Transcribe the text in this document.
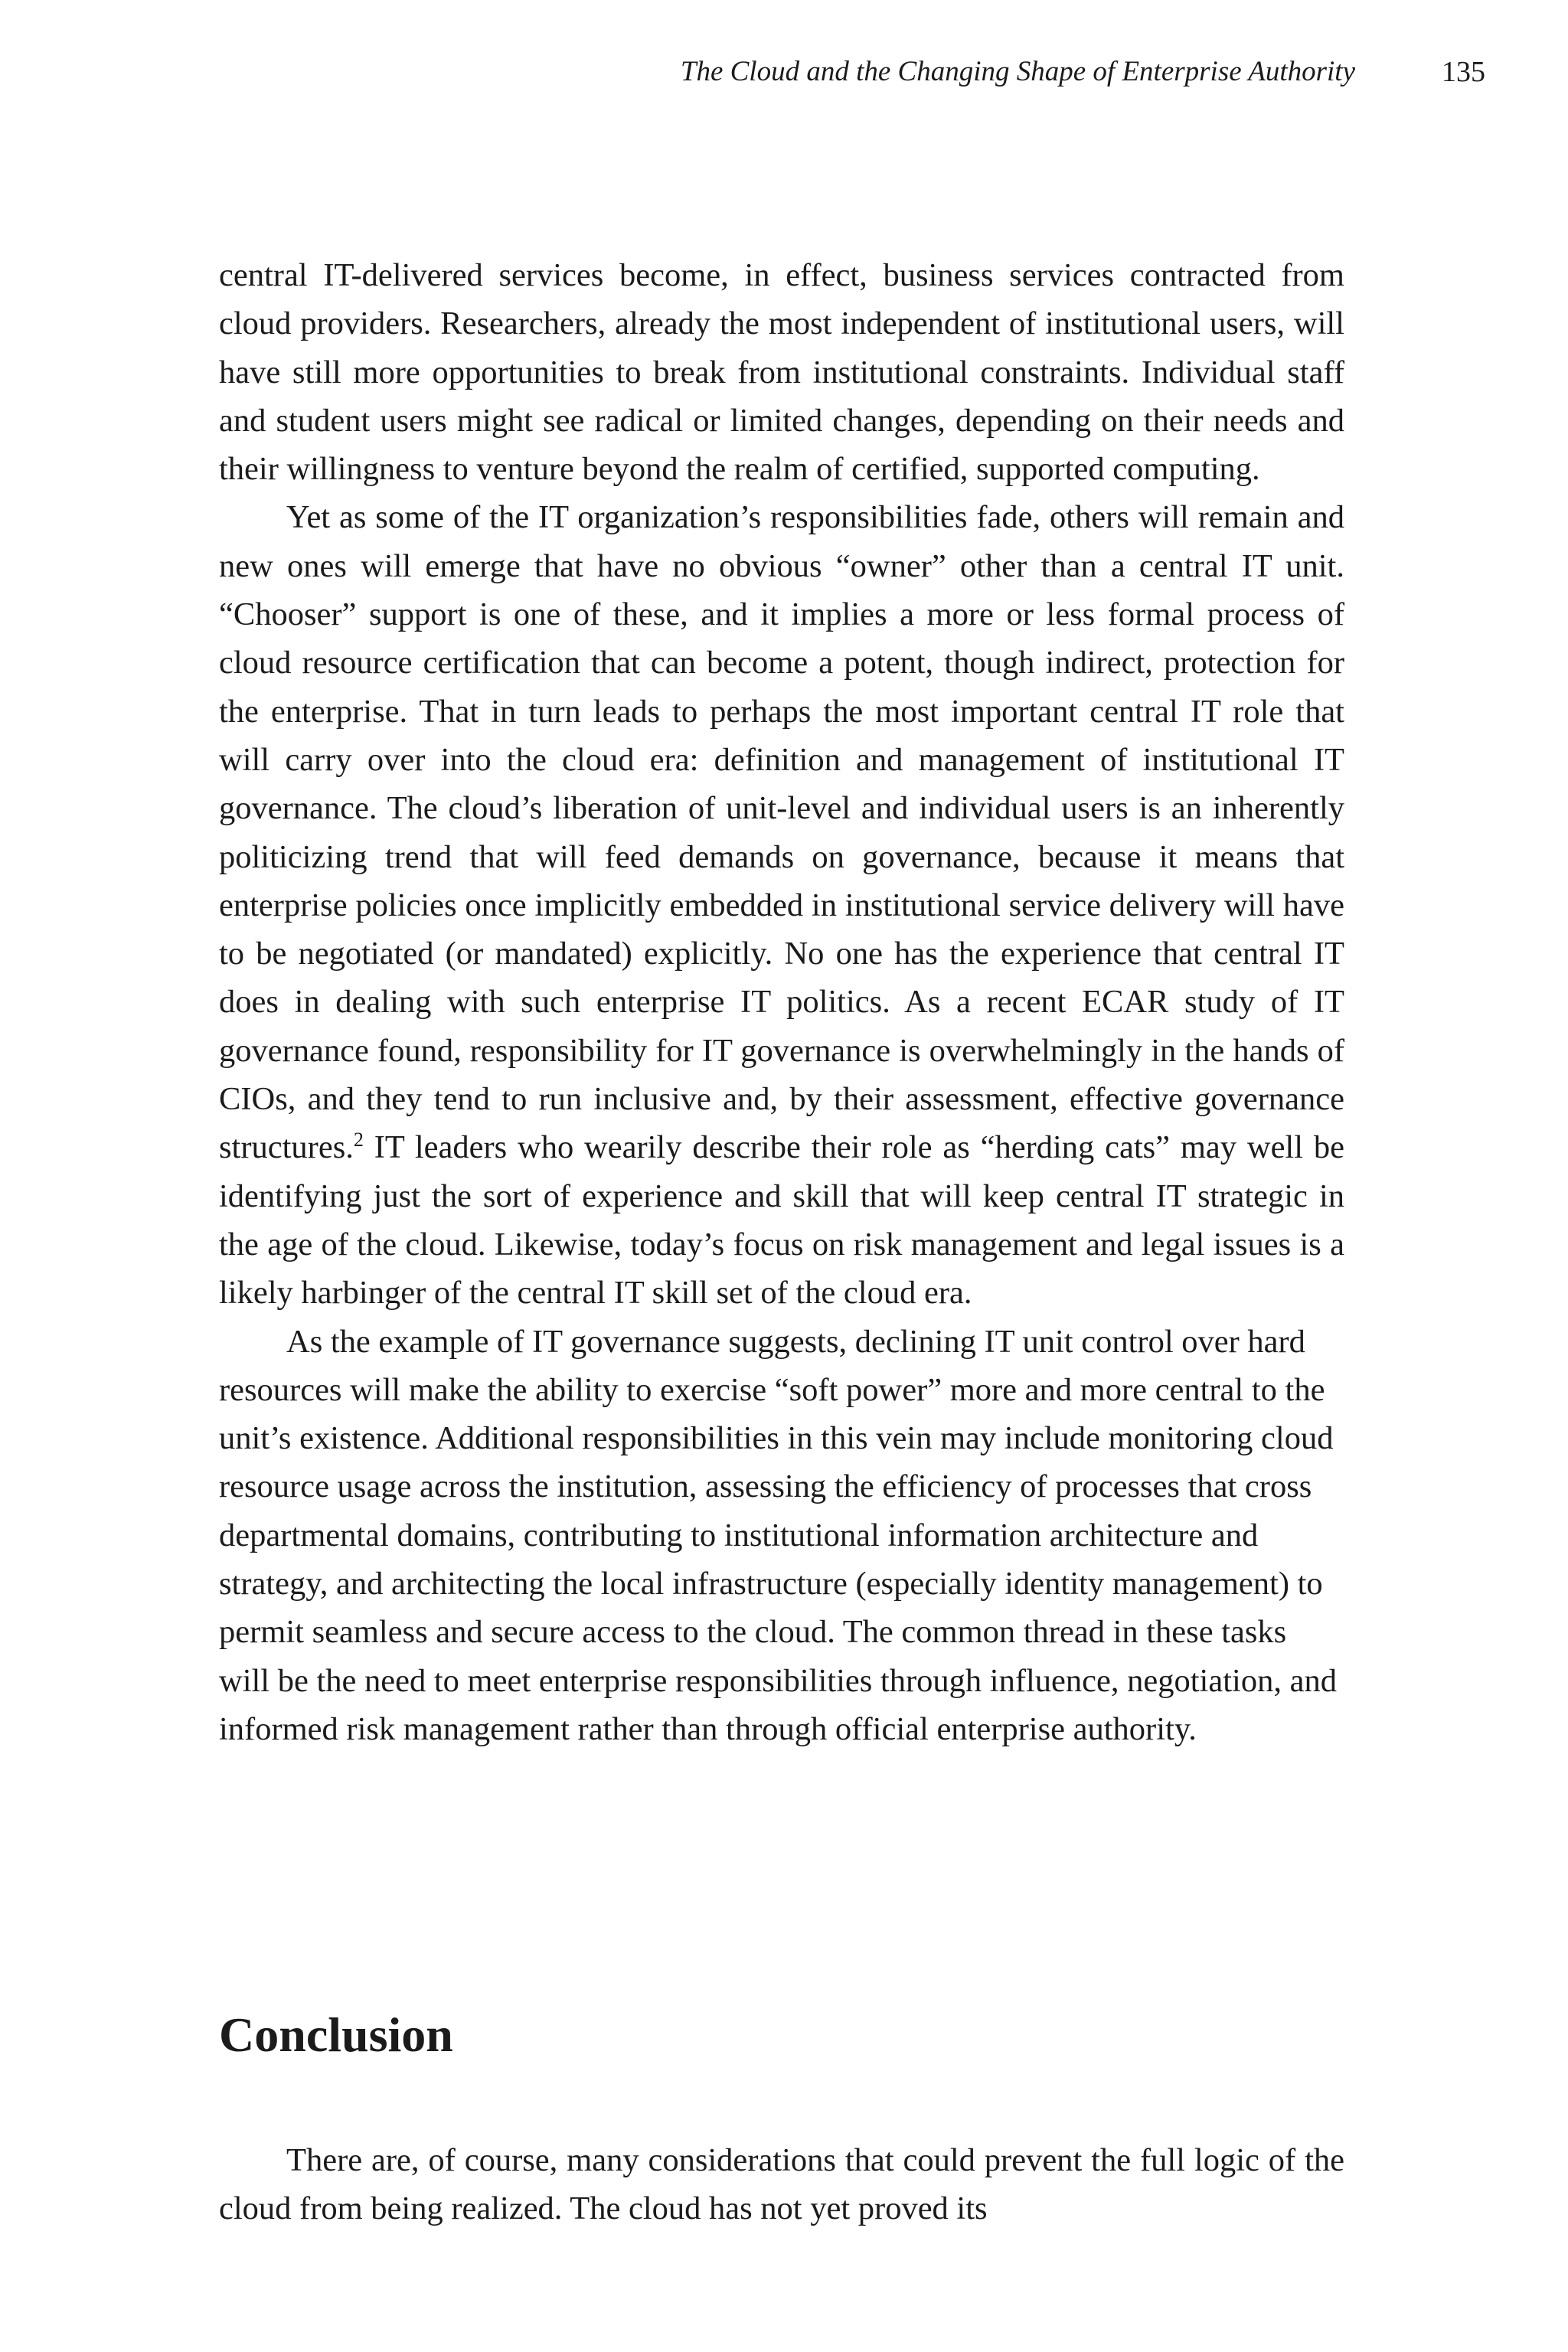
The Cloud and the Changing Shape of Enterprise Authority	135

central IT-delivered services become, in effect, business services contracted from cloud providers. Researchers, already the most independent of institutional users, will have still more opportunities to break from institutional constraints. Individual staff and student users might see radical or limited changes, depending on their needs and their willingness to venture beyond the realm of certified, supported computing.

Yet as some of the IT organization’s responsibilities fade, others will remain and new ones will emerge that have no obvious “owner” other than a central IT unit. “Chooser” support is one of these, and it implies a more or less formal process of cloud resource certification that can become a potent, though indirect, protection for the enterprise. That in turn leads to perhaps the most important central IT role that will carry over into the cloud era: definition and management of institutional IT governance. The cloud’s liberation of unit-level and individual users is an inherently politicizing trend that will feed demands on governance, because it means that enterprise policies once implicitly embedded in institutional service delivery will have to be negotiated (or mandated) explicitly. No one has the experience that central IT does in dealing with such enterprise IT politics. As a recent ECAR study of IT governance found, responsibility for IT governance is overwhelmingly in the hands of CIOs, and they tend to run inclusive and, by their assessment, effective governance structures.$^2$ IT leaders who wearily describe their role as “herding cats” may well be identifying just the sort of experience and skill that will keep central IT strategic in the age of the cloud. Likewise, today’s focus on risk management and legal issues is a likely harbinger of the central IT skill set of the cloud era.

As the example of IT governance suggests, declining IT unit control over hard resources will make the ability to exercise “soft power” more and more central to the unit’s existence. Additional responsibilities in this vein may include monitoring cloud resource usage across the institution, assessing the efficiency of processes that cross departmental domains, contributing to institutional information architecture and strategy, and architecting the local infrastructure (especially identity management) to permit seamless and secure access to the cloud. The common thread in these tasks will be the need to meet enterprise responsibilities through influence, negotiation, and informed risk management rather than through official enterprise authority.

Conclusion

There are, of course, many considerations that could prevent the full logic of the cloud from being realized. The cloud has not yet proved its
